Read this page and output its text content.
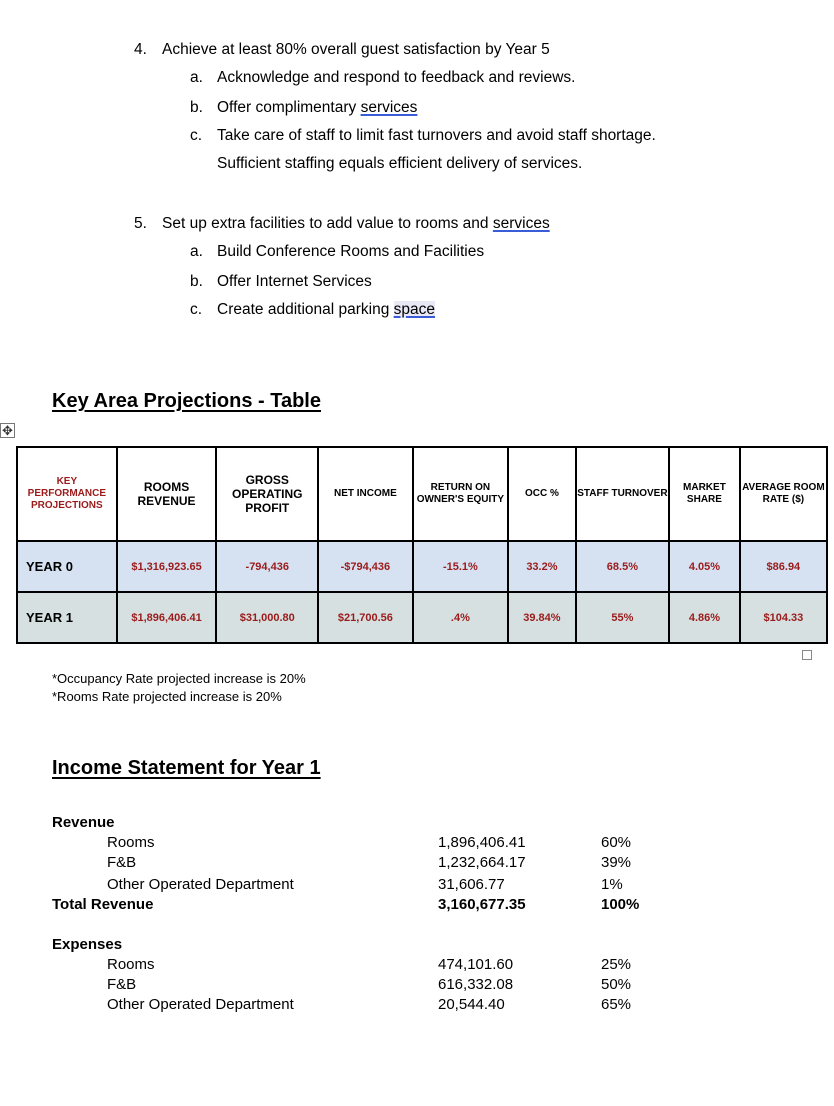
4. Achieve at least 80% overall guest satisfaction by Year 5
a. Acknowledge and respond to feedback and reviews.
b. Offer complimentary services
c. Take care of staff to limit fast turnovers and avoid staff shortage.
Sufficient staffing equals efficient delivery of services.
5. Set up extra facilities to add value to rooms and services
a. Build Conference Rooms and Facilities
b. Offer Internet Services
c. Create additional parking space
Key Area Projections - Table
✥
KEY PERFORMANCE PROJECTIONS	ROOMS REVENUE	GROSS OPERATING PROFIT	NET INCOME	RETURN ON OWNER'S EQUITY	OCC %	STAFF TURNOVER	MARKET SHARE	AVERAGE ROOM RATE ($)
YEAR 0	$1,316,923.65	-794,436	-$794,436	-15.1%	33.2%	68.5%	4.05%	$86.94
YEAR 1	$1,896,406.41	$31,000.80	$21,700.56	.4%	39.84%	55%	4.86%	$104.33
*Occupancy Rate projected increase is 20%
*Rooms Rate projected increase is 20%
Income Statement for Year 1
Revenue
Rooms	1,896,406.41	60%
F&B	1,232,664.17	39%
Other Operated Department	31,606.77	1%
Total Revenue	3,160,677.35	100%
Expenses
Rooms	474,101.60	25%
F&B	616,332.08	50%
Other Operated Department	20,544.40	65%
